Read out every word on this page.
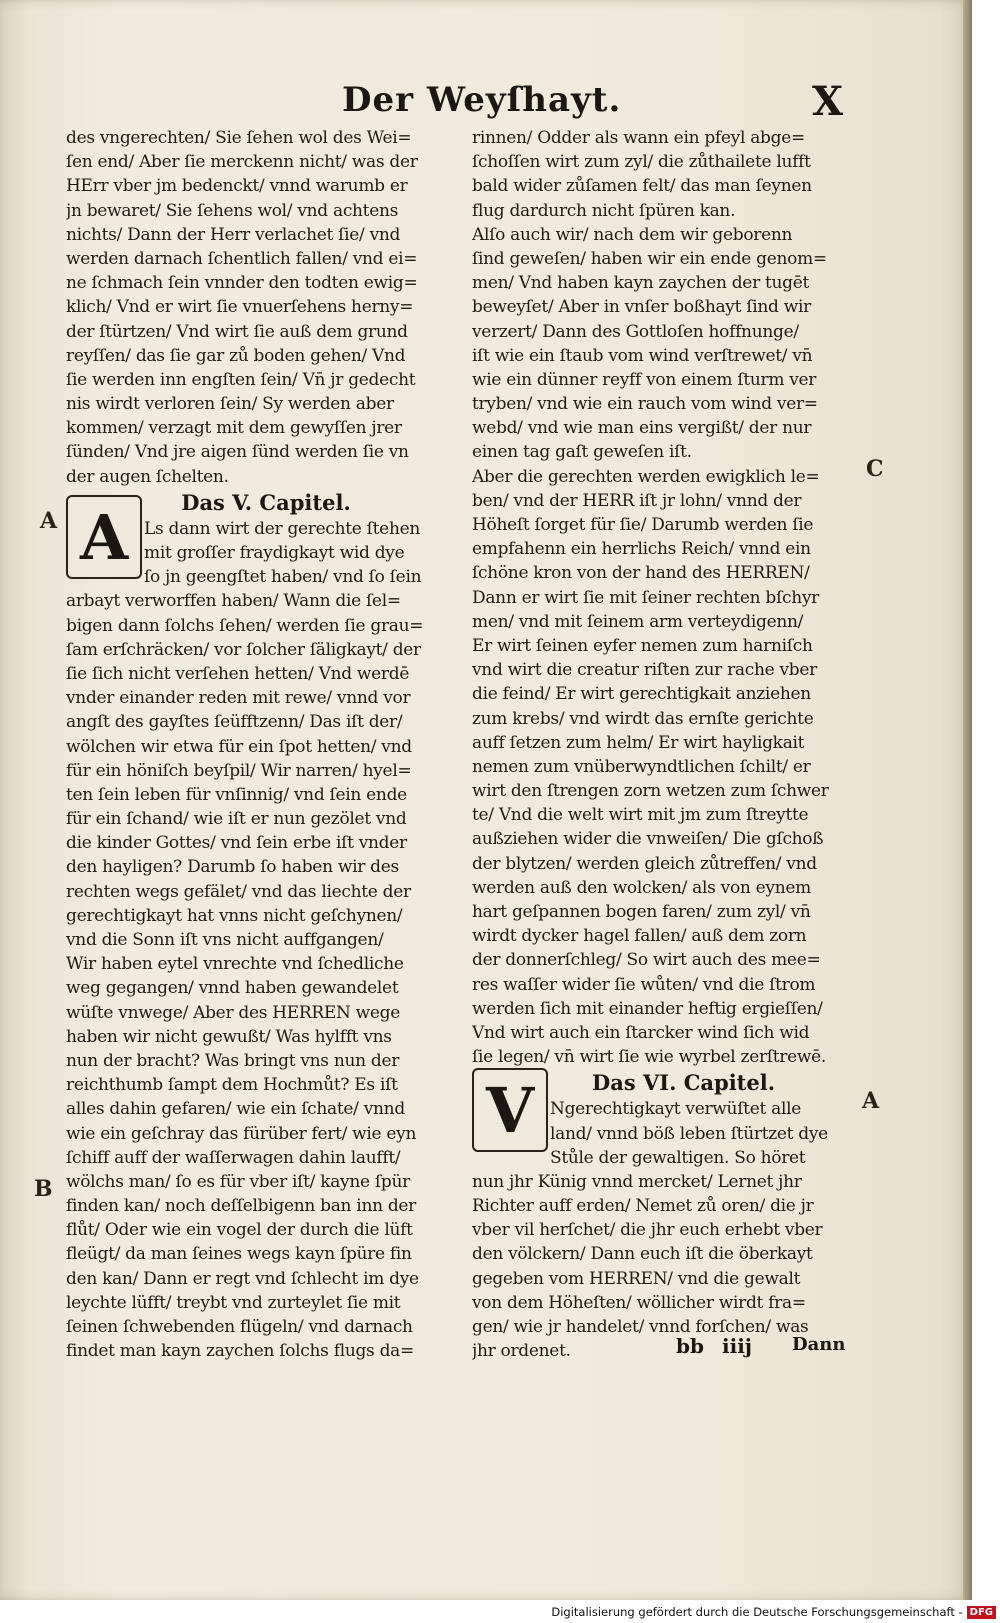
Der Weyſhayt.	X
des vngerechten/ Sie ſehen wol des Wei=
ſen end/ Aber ſie merckenn nicht/ was der
HErr vber jm bedenckt/ vnnd warumb er
jn bewaret/ Sie ſehens wol/ vnd achtens
nichts/ Dann der Herr verlachet ſie/ vnd
werden darnach ſchentlich fallen/ vnd ei=
ne ſchmach ſein vnnder den todten ewig=
klich/ Vnd er wirt ſie vnuerſehens herny=
der ſtürtzen/ Vnd wirt ſie auß dem grund
reyſſen/ das ſie gar zů boden gehen/ Vnd
ſie werden inn engſten ſein/ Vn̄ jr gedecht
nis wirdt verloren ſein/ Sy werden aber
kommen/ verzagt mit dem gewyſſen jrer
ſünden/ Vnd jre aigen ſünd werden ſie vn
der augen ſchelten.
Das V. Capitel.
Ls dann wirt der gerechte ſtehen
mit groſſer fraydigkayt wid dye
ſo jn geengſtet haben/ vnd ſo ſein
arbayt verworffen haben/ Wann die ſel=
bigen dann ſolchs ſehen/ werden ſie grau=
ſam erſchräcken/ vor ſolcher ſäligkayt/ der
ſie ſich nicht verſehen hetten/ Vnd werdē
vnder einander reden mit rewe/ vnnd vor
angſt des gayſtes ſeüfftzenn/ Das iſt der/
wölchen wir etwa für ein ſpot hetten/ vnd
für ein höniſch beyſpil/ Wir narren/ hyel=
ten ſein leben für vnſinnig/ vnd ſein ende
für ein ſchand/ wie iſt er nun gezölet vnd
die kinder Gottes/ vnd ſein erbe iſt vnder
den hayligen? Darumb ſo haben wir des
rechten wegs gefälet/ vnd das liechte der
gerechtigkayt hat vnns nicht geſchynen/
vnd die Sonn iſt vns nicht auffgangen/
Wir haben eytel vnrechte vnd ſchedliche
weg gegangen/ vnnd haben gewandelet
wüſte vnwege/ Aber des HERREN wege
haben wir nicht gewußt/ Was hylfft vns
nun der bracht? Was bringt vns nun der
reichthumb ſampt dem Hochmůt? Es iſt
alles dahin gefaren/ wie ein ſchate/ vnnd
wie ein geſchray das fürüber fert/ wie eyn
ſchiff auff der waſſerwagen dahin laufft/
wölchs man/ ſo es für vber iſt/ kayne ſpür
finden kan/ noch deſſelbigenn ban inn der
flůt/ Oder wie ein vogel der durch die lüft
fleügt/ da man ſeines wegs kayn ſpüre fin
den kan/ Dann er regt vnd ſchlecht im dye
leychte lüfft/ treybt vnd zurteylet ſie mit
ſeinen ſchwebenden flügeln/ vnd darnach
findet man kayn zaychen ſolchs flugs da=
rinnen/ Odder als wann ein pfeyl abge=
ſchoſſen wirt zum zyl/ die zůthailete lufft
bald wider zůſamen felt/ das man ſeynen
flug dardurch nicht ſpüren kan.
Alſo auch wir/ nach dem wir geborenn
ſind geweſen/ haben wir ein ende genom=
men/ Vnd haben kayn zaychen der tugēt
beweyſet/ Aber in vnſer boßhayt ſind wir
verzert/ Dann des Gottloſen hoffnunge/
iſt wie ein ſtaub vom wind verſtrewet/ vn̄
wie ein dünner reyff von einem ſturm ver
tryben/ vnd wie ein rauch vom wind ver=
webd/ vnd wie man eins vergißt/ der nur
einen tag gaſt geweſen iſt.
Aber die gerechten werden ewigklich le=
ben/ vnd der HERR iſt jr lohn/ vnnd der
Höheſt ſorget für ſie/ Darumb werden ſie
empfahenn ein herrlichs Reich/ vnnd ein
ſchöne kron von der hand des HERREN/
Dann er wirt ſie mit ſeiner rechten bſchyr
men/ vnd mit ſeinem arm verteydigenn/
Er wirt ſeinen eyfer nemen zum harniſch
vnd wirt die creatur riſten zur rache vber
die feind/ Er wirt gerechtigkait anziehen
zum krebs/ vnd wirdt das ernſte gerichte
auff ſetzen zum helm/ Er wirt hayligkait
nemen zum vnüberwyndtlichen ſchilt/ er
wirt den ſtrengen zorn wetzen zum ſchwer
te/ Vnd die welt wirt mit jm zum ſtreytte
außziehen wider die vnweiſen/ Die gſchoß
der blytzen/ werden gleich zůtreffen/ vnd
werden auß den wolcken/ als von eynem
hart geſpannen bogen faren/ zum zyl/ vn̄
wirdt dycker hagel fallen/ auß dem zorn
der donnerſchleg/ So wirt auch des mee=
res waſſer wider ſie wůten/ vnd die ſtrom
werden ſich mit einander heftig ergieſſen/
Vnd wirt auch ein ſtarcker wind ſich wid
ſie legen/ vn̄ wirt ſie wie wyrbel zerſtrewē.
Das VI. Capitel.
Ngerechtigkayt verwüſtet alle
land/ vnnd böß leben ſtürtzet dye
Stůle der gewaltigen. So höret
nun jhr Künig vnnd mercket/ Lernet jhr
Richter auff erden/ Nemet zů oren/ die jr
vber vil herſchet/ die jhr euch erhebt vber
den völckern/ Dann euch iſt die öberkayt
gegeben vom HERREN/ vnd die gewalt
von dem Höheſten/ wöllicher wirdt fra=
gen/ wie jr handelet/ vnnd forſchen/ was
jhr ordenet.
A
V
A
B
C
A
bb iiij Dann
Digitalisierung gefördert durch die Deutsche Forschungsgemeinschaft - DFG
